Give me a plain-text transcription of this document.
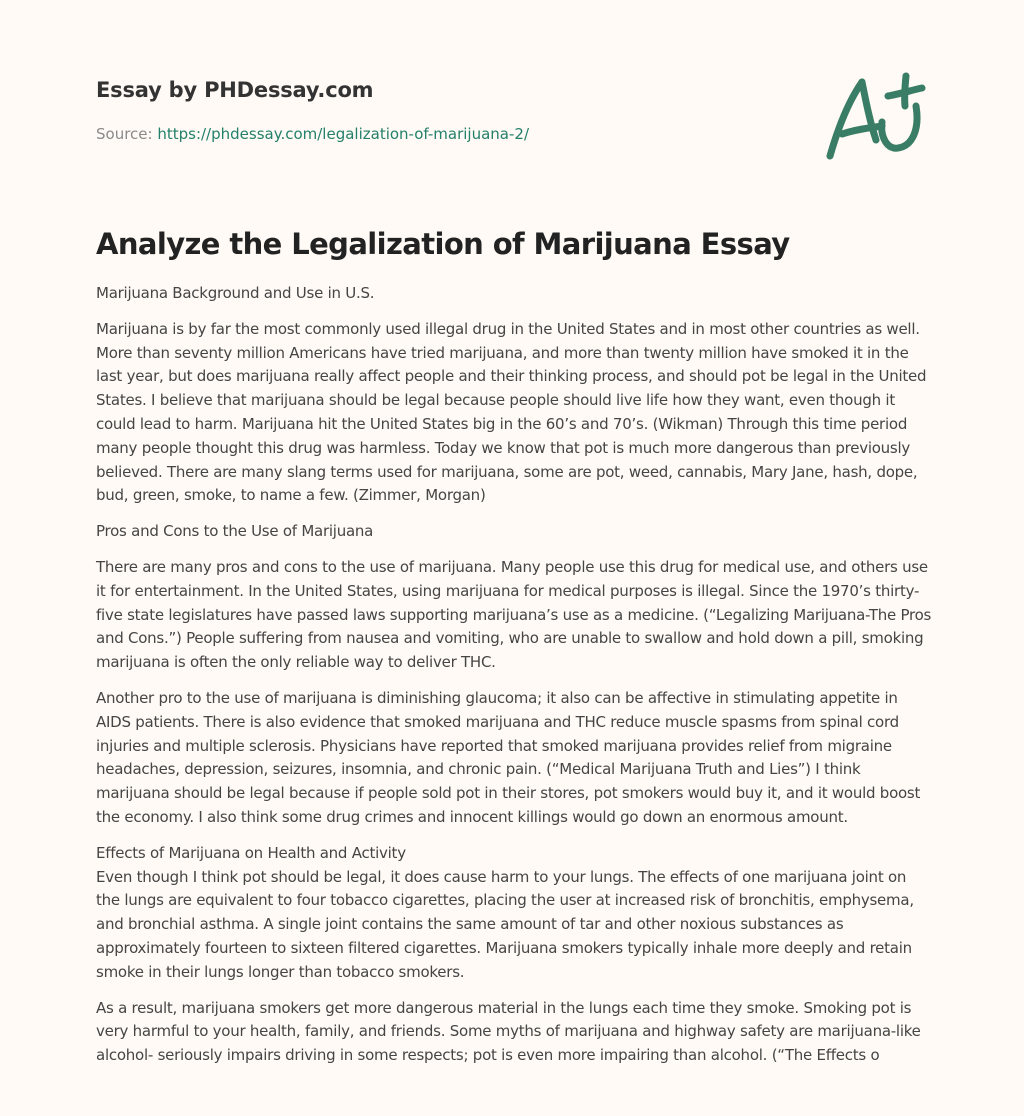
Essay by PHDessay.com
Source: https://phdessay.com/legalization-of-marijuana-2/
Analyze the Legalization of Marijuana Essay

Marijuana Background and Use in U.S.

Marijuana is by far the most commonly used illegal drug in the United States and in most other countries as well. More than seventy million Americans have tried marijuana, and more than twenty million have smoked it in the last year, but does marijuana really affect people and their thinking process, and should pot be legal in the United States. I believe that marijuana should be legal because people should live life how they want, even though it could lead to harm. Marijuana hit the United States big in the 60’s and 70’s. (Wikman) Through this time period many people thought this drug was harmless. Today we know that pot is much more dangerous than previously believed. There are many slang terms used for marijuana, some are pot, weed, cannabis, Mary Jane, hash, dope, bud, green, smoke, to name a few. (Zimmer, Morgan)

Pros and Cons to the Use of Marijuana

There are many pros and cons to the use of marijuana. Many people use this drug for medical use, and others use it for entertainment. In the United States, using marijuana for medical purposes is illegal. Since the 1970’s thirty-five state legislatures have passed laws supporting marijuana’s use as a medicine. (“Legalizing Marijuana-The Pros and Cons.”) People suffering from nausea and vomiting, who are unable to swallow and hold down a pill, smoking marijuana is often the only reliable way to deliver THC.

Another pro to the use of marijuana is diminishing glaucoma; it also can be affective in stimulating appetite in AIDS patients. There is also evidence that smoked marijuana and THC reduce muscle spasms from spinal cord injuries and multiple sclerosis. Physicians have reported that smoked marijuana provides relief from migraine headaches, depression, seizures, insomnia, and chronic pain. (“Medical Marijuana Truth and Lies”) I think marijuana should be legal because if people sold pot in their stores, pot smokers would buy it, and it would boost the economy. I also think some drug crimes and innocent killings would go down an enormous amount.

Effects of Marijuana on Health and Activity

Even though I think pot should be legal, it does cause harm to your lungs. The effects of one marijuana joint on the lungs are equivalent to four tobacco cigarettes, placing the user at increased risk of bronchitis, emphysema, and bronchial asthma. A single joint contains the same amount of tar and other noxious substances as approximately fourteen to sixteen filtered cigarettes. Marijuana smokers typically inhale more deeply and retain smoke in their lungs longer than tobacco smokers.

As a result, marijuana smokers get more dangerous material in the lungs each time they smoke. Smoking pot is very harmful to your health, family, and friends. Some myths of marijuana and highway safety are marijuana-like alcohol- seriously impairs driving in some respects; pot is even more impairing than alcohol. (“The Effects o
